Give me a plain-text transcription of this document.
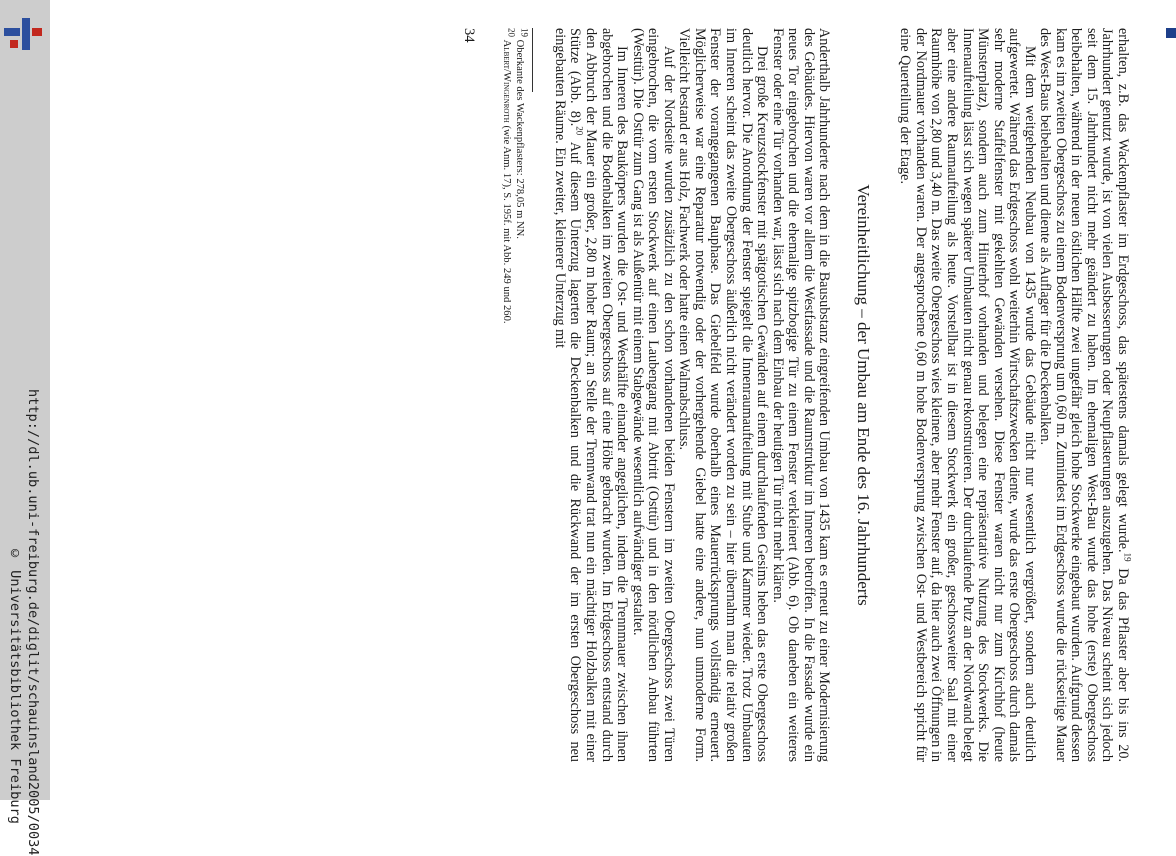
http://dl.ub.uni-freiburg.de/diglit/schauinsland2005/0034
© Universitätsbibliothek Freiburg

erhalten, z.B. das Wackenpflaster im Erdgeschoss, das spätestens damals gelegt wurde.$^{19}$ Da das Pflaster aber bis ins 20. Jahrhundert genutzt wurde, ist von vielen Ausbesserungen oder Neupflasterungen auszugehen. Das Niveau scheint sich jedoch seit dem 15. Jahrhundert nicht mehr geändert zu haben. Im ehemaligen West-Bau wurde das hohe (erste) Obergeschoss beibehalten, während in der neuen östlichen Hälfte zwei ungefähr gleich hohe Stockwerke eingebaut wurden. Aufgrund dessen kam es im zweiten Obergeschoss zu einem Bodenversprung um 0,60 m. Zumindest im Erdgeschoss wurde die rückseitige Mauer des West-Baus beibehalten und diente als Auflager für die Deckenbalken.

Mit dem weitgehenden Neubau von 1435 wurde das Gebäude nicht nur wesentlich vergrößert, sondern auch deutlich aufgewertet. Während das Erdgeschoss wohl weiterhin Wirtschaftszwecken diente, wurde das erste Obergeschoss durch damals sehr moderne Staffelfenster mit gekehlten Gewänden versehen. Diese Fenster waren nicht nur zum Kirchhof (heute Münsterplatz), sondern auch zum Hinterhof vorhanden und belegen eine repräsentative Nutzung des Stockwerks. Die Innenaufteilung lässt sich wegen späterer Umbauten nicht genau rekonstruieren. Der durchlaufende Putz an der Nordwand belegt aber eine andere Raumaufteilung als heute. Vorstellbar ist in diesem Stockwerk ein großer, geschossweiter Saal mit einer Raumhöhe von 2,80 und 3,40 m. Das zweite Obergeschoss wies kleinere, aber mehr Fenster auf, da hier auch zwei Öffnungen in der Nordmauer vorhanden waren. Der angesprochene 0,60 m hohe Bodenversprung zwischen Ost- und Westbereich spricht für eine Querteilung der Etage.

Vereinheitlichung – der Umbau am Ende des 16. Jahrhunderts

Anderthalb Jahrhunderte nach dem in die Bausubstanz eingreifenden Umbau von 1435 kam es erneut zu einer Modernisierung des Gebäudes. Hiervon waren vor allem die Westfassade und die Raumstruktur im Inneren betroffen. In die Fassade wurde ein neues Tor eingebrochen und die ehemalige spitzbogige Tür zu einem Fenster verkleinert (Abb. 6). Ob daneben ein weiteres Fenster oder eine Tür vorhanden war, lässt sich nach dem Einbau der heutigen Tür nicht mehr klären.

Drei große Kreuzstockfenster mit spätgotischen Gewänden auf einem durchlaufenden Gesims heben das erste Obergeschoss deutlich hervor. Die Anordnung der Fenster spiegelt die Innenraumaufteilung mit Stube und Kammer wieder. Trotz Umbauten im Inneren scheint das zweite Obergeschoss äußerlich nicht verändert worden zu sein – hier übernahm man die relativ großen Fenster der vorangegangenen Bauphase. Das Giebelfeld wurde oberhalb eines Mauerrücksprungs vollständig erneuert. Möglicherweise war eine Reparatur notwendig oder der vorhergehende Giebel hatte eine andere, nun unmoderne Form. Vielleicht bestand er aus Holz, Fachwerk oder hatte einen Walmabschluss.

Auf der Nordseite wurden zusätzlich zu den schon vorhandenen beiden Fenstern im zweiten Obergeschoss zwei Türen eingebrochen, die vom ersten Stockwerk auf einen Laubengang mit Abtritt (Osttür) und in den nördlichen Anbau führten (Westtür). Die Osttür zum Gang ist als Außentür mit einem Stabgewände wesentlich aufwändiger gestaltet.

Im Inneren des Baukörpers wurden die Ost- und Westhälfte einander angeglichen, indem die Trennmauer zwischen ihnen abgebrochen und die Bodenbalken im zweiten Obergeschoss auf eine Höhe gebracht wurden. Im Erdgeschoss entstand durch den Abbruch der Mauer ein großer, 2,80 m hoher Raum; an Stelle der Trennwand trat nun ein mächtiger Holzbalken mit einer Stütze (Abb. 8).$^{20}$ Auf diesem Unterzug lagerten die Deckenbalken und die Rückwand der im ersten Obergeschoss neu eingebauten Räume. Ein zweiter, kleinerer Unterzug mit

$^{19}$ Oberkante des Wackenpflasters: 278,05 m NN.

$^{20}$ Albert/Wingenroth (wie Anm. 17), S. 195f. mit Abb. 249 und 260.

34
